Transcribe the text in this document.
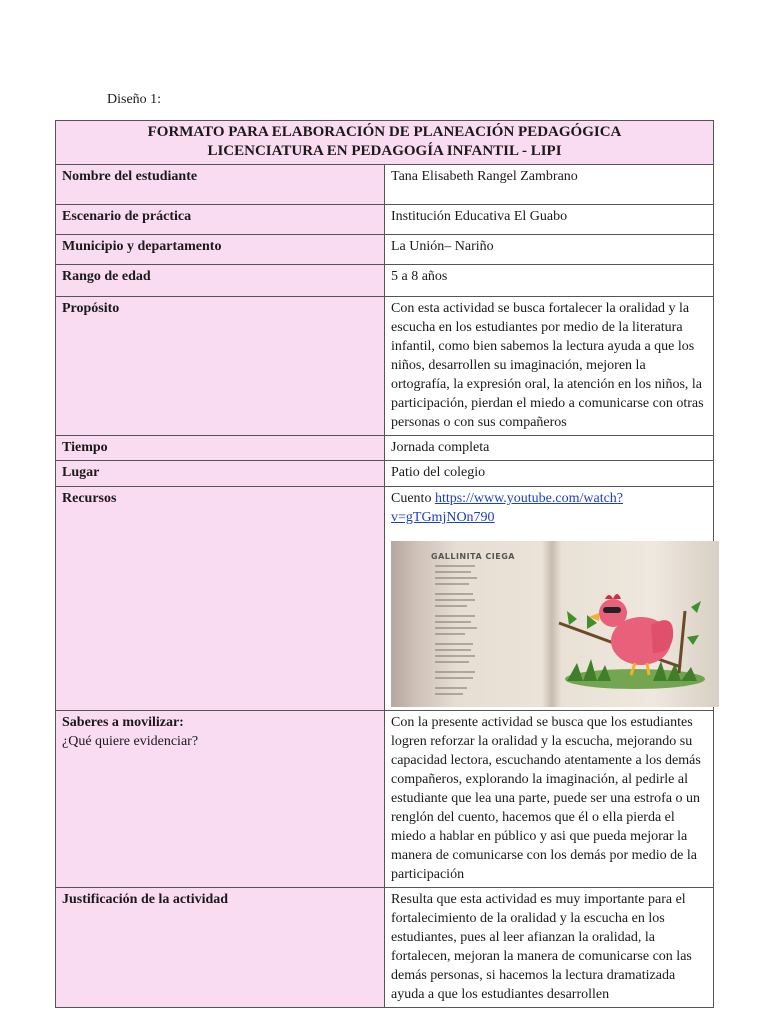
Diseño 1:
FORMATO PARA ELABORACIÓN DE PLANEACIÓN PEDAGÓGICA
LICENCIATURA EN PEDAGOGÍA INFANTIL - LIPI	

Nombre del estudiante	Tana Elisabeth Rangel Zambrano
Escenario de práctica	Institución Educativa El Guabo
Municipio y departamento	La Unión– Nariño
Rango de edad	5 a 8 años
Propósito	Con esta actividad se busca fortalecer la oralidad y la escucha en los estudiantes por medio de la literatura infantil, como bien sabemos la lectura ayuda a que los niños, desarrollen su imaginación, mejoren la ortografía, la expresión oral, la atención en los niños, la participación, pierdan el miedo a comunicarse con otras personas o con sus compañeros
Tiempo	Jornada completa
Lugar	Patio del colegio
Recursos	Cuento https://www.youtube.com/watch?v=gTGmjNOn790
GALLINITA CIEGA

Saberes a movilizar:
¿Qué quiere evidenciar?	Con la presente actividad se busca que los estudiantes logren reforzar la oralidad y la escucha, mejorando su capacidad lectora, escuchando atentamente a los demás compañeros, explorando la imaginación, al pedirle al estudiante que lea una parte, puede ser una estrofa o un renglón del cuento, hacemos que él o ella pierda el miedo a hablar en público y asi que pueda mejorar la manera de comunicarse con los demás por medio de la participación
Justificación de la actividad	Resulta que esta actividad es muy importante para el fortalecimiento de la oralidad y la escucha en los estudiantes, pues al leer afianzan la oralidad, la fortalecen, mejoran la manera de comunicarse con las demás personas, si hacemos la lectura dramatizada ayuda a que los estudiantes desarrollen
